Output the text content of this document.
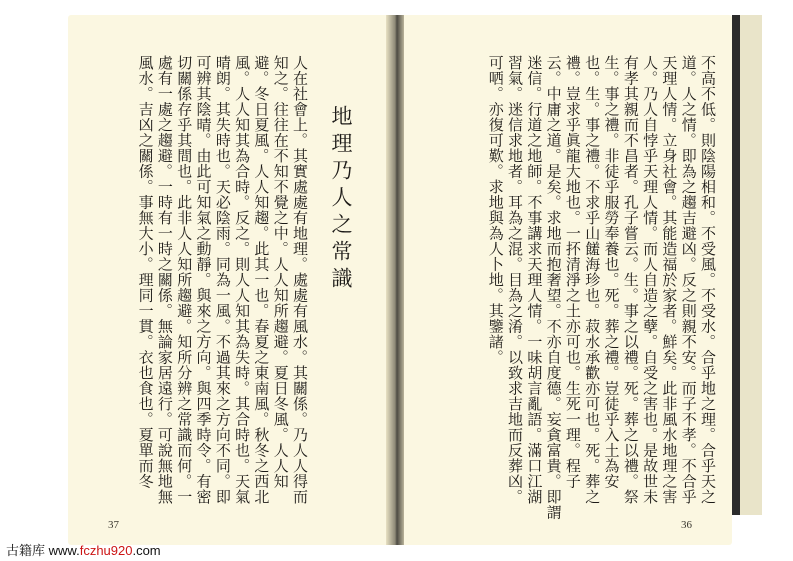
地理乃人之常識
人在社會上。其實處處有地理。處處有風水。其關係。乃人人得而
知之。往往在不知不覺之中。人人知所趨避。夏日冬風。人人知
避。冬日夏風。人人知趨。此其一也。春夏之東南風。秋冬之西北
風。人人知其為合時。反之。則人人知其為失時。其合時也。天氣
晴朗。其失時也。天必陰雨。同為一風。不過其來之方向不同。即
可辨其陰晴。由此可知氣之動靜。與來之方向。與四季時令。有密
切關係存乎其間也。此非人人知所趨避。知所分辨之常識而何。一
處有一處之趨避。一時有一時之關係。無論家居遠行。可說無地無
風水。吉凶之關係。事無大小。理同一貫。衣也食也。夏單而冬
37
不高不低。則陰陽相和。不受風。不受水。合乎地之理。合乎天之
道。人之情。即為之趨吉避凶。反之則親不安。而子不孝。不合乎
天理人情。立身社會。其能造福於家者。鮮矣。此非風水地理之害
人。乃人自悖乎天理人情。而人自造之孽。自受之害也。是故世未
有孝其親而不昌者。孔子嘗云。生。事之以禮。死。葬之以禮。祭
生。事之禮。非徒乎服勞奉養也。死。葬之禮。豈徒乎入土為安
也。生。事之禮。不求乎山饈海珍也。菽水承歡亦可也。死。葬之
禮。豈求乎眞龍大地也。一抔清淨之土亦可也。生死一理。程子
云。中庸之道。是矣。求地而抱奢望。不亦自度德。妄貪富貴。即謂
迷信。行道之地師。不事講求天理人情。一味胡言亂語。滿口江湖
習氣。迷信求地者。耳為之混。目為之淆。以致求吉地而反葬凶。
可哂。亦復可歎。求地與為人卜地。其鑒諸。
36
古籍库 www.fczhu920.com
